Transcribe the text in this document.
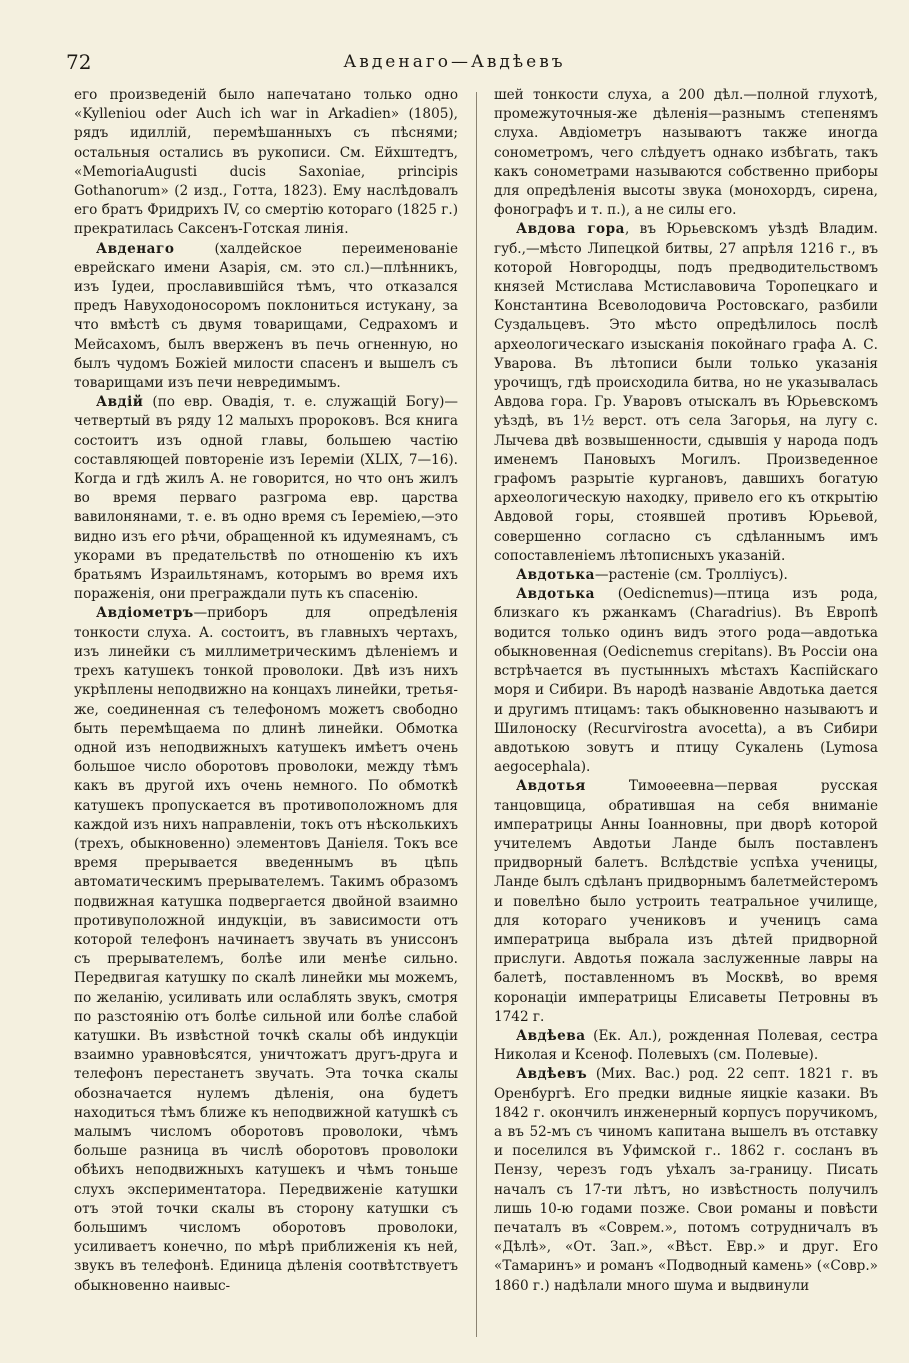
72	Авденаго—Авдѣевъ

его произведеній было напечатано только одно «Kylleniou oder Auch ich war in Arkadien» (1805), рядъ идиллій, перемѣшанныхъ съ пѣснями; остальныя остались въ рукописи. См. Eйхштедтъ, «MemoriaAugusti ducis Saxoniae, principis Gothanorum» (2 изд., Готта, 1823). Ему наслѣдовалъ его братъ Фридрихъ IV, со смертію котораго (1825 г.) прекратилась Саксенъ-Готская линія.

Авденаго (халдейское переименованіе еврейскаго имени Азарія, см. это сл.)—плѣнникъ, изъ Іудеи, прославившійся тѣмъ, что отказался предъ Навуходоносоромъ поклониться истукану, за что вмѣстѣ съ двумя товарищами, Седрахомъ и Мейсахомъ, былъ вверженъ въ печь огненную, но былъ чудомъ Божіей милости спасенъ и вышелъ съ товарищами изъ печи невредимымъ.

Авдій (по евр. Овадія, т. е. служащій Богу)—четвертый въ ряду 12 малыхъ пророковъ. Вся книга состоитъ изъ одной главы, большею частію составляющей повтореніе изъ Іереміи (XLIX, 7—16). Когда и гдѣ жилъ А. не говорится, но что онъ жилъ во время перваго разгрома евр. царства вавилонянами, т. е. въ одно время съ Іереміею,—это видно изъ его рѣчи, обращенной къ идумеянамъ, съ укорами въ предательствѣ по отношенію къ ихъ братьямъ Израильтянамъ, которымъ во время ихъ пораженія, они преграждали путь къ спасенію.

Авдіометръ—приборъ для опредѣленія тонкости слуха. А. состоитъ, въ главныхъ чертахъ, изъ линейки съ миллиметрическимъ дѣленіемъ и трехъ катушекъ тонкой проволоки. Двѣ изъ нихъ укрѣплены неподвижно на концахъ линейки, третья-же, соединенная съ телефономъ можетъ свободно быть перемѣщаема по длинѣ линейки. Обмотка одной изъ неподвижныхъ катушекъ имѣетъ очень большое число оборотовъ проволоки, между тѣмъ какъ въ другой ихъ очень немного. По обмоткѣ катушекъ пропускается въ противоположномъ для каждой изъ нихъ направленіи, токъ отъ нѣсколькихъ (трехъ, обыкновенно) элементовъ Даніеля. Токъ все время прерывается введеннымъ въ цѣпь автоматическимъ прерывателемъ. Такимъ образомъ подвижная катушка подвергается двойной взаимно противуположной индукціи, въ зависимости отъ которой телефонъ начинаетъ звучать въ униссонъ съ прерывателемъ, болѣе или менѣе сильно. Передвигая катушку по скалѣ линейки мы можемъ, по желанію, усиливать или ослаблять звукъ, смотря по разстоянію отъ болѣе сильной или болѣе слабой катушки. Въ извѣстной точкѣ скалы обѣ индукціи взаимно уравновѣсятся, уничтожатъ другъ-друга и телефонъ перестанетъ звучать. Эта точка скалы обозначается нулемъ дѣленія, она будетъ находиться тѣмъ ближе къ неподвижной катушкѣ съ малымъ числомъ оборотовъ проволоки, чѣмъ больше разница въ числѣ оборотовъ проволоки обѣихъ неподвижныхъ катушекъ и чѣмъ тоньше слухъ экспериментатора. Передвиженіе катушки отъ этой точки скалы въ сторону катушки съ большимъ числомъ оборотовъ проволоки, усиливаетъ конечно, по мѣрѣ приближенія къ ней, звукъ въ телефонѣ. Единица дѣленія соотвѣтствуетъ обыкновенно наивыс-

шей тонкости слуха, а 200 дѣл.—полной глухотѣ, промежуточныя-же дѣленія—разнымъ степенямъ слуха. Авдіометръ называютъ также иногда сонометромъ, чего слѣдуетъ однако избѣгать, такъ какъ сонометрами называются собственно приборы для опредѣленія высоты звука (монохордъ, сирена, фонографъ и т. п.), а не силы его.

Авдова гора, въ Юрьевскомъ уѣздѣ Владим. губ.,—мѣсто Липецкой битвы, 27 апрѣля 1216 г., въ которой Новгородцы, подъ предводительствомъ князей Мстислава Мстиславовича Торопецкаго и Константина Всеволодовича Ростовскаго, разбили Суздальцевъ. Это мѣсто опредѣлилось послѣ археологическаго изысканія покойнаго графа А. С. Уварова. Въ лѣтописи были только указанія урочищъ, гдѣ происходила битва, но не указывалась Авдова гора. Гр. Уваровъ отыскалъ въ Юрьевскомъ уѣздѣ, въ 1½ верст. отъ села Загорья, на лугу с. Лычева двѣ возвышенности, сдывшія у народа подъ именемъ Пановыхъ Могилъ. Произведенное графомъ разрытіе кургановъ, давшихъ богатую археологическую находку, привело его къ открытію Авдовой горы, стоявшей противъ Юрьевой, совершенно согласно съ сдѣланнымъ имъ сопоставленіемъ лѣтописныхъ указаній.

Авдотька—растеніе (см. Тролліусъ).

Авдотька (Oedicnemus)—птица изъ рода, близкаго къ ржанкамъ (Charadrius). Въ Европѣ водится только одинъ видъ этого рода—авдотька обыкновенная (Oedicnemus crepitans). Въ Россіи она встрѣчается въ пустынныхъ мѣстахъ Каспійскаго моря и Сибири. Въ народѣ названіе Авдотька дается и другимъ птицамъ: такъ обыкновенно называютъ и Шилоноску (Recurvirostra avocetta), а въ Сибири авдотькою зовутъ и птицу Сукалень (Lymosa aegocephala).

Авдотья Тимоѳеевна—первая русская танцовщица, обратившая на себя вниманіе императрицы Анны Іоанновны, при дворѣ которой учителемъ Авдотьи Ланде былъ поставленъ придворный балетъ. Вслѣдствіе успѣха ученицы, Ланде былъ сдѣланъ придворнымъ балетмейстеромъ и повелѣно было устроить театральное училище, для котораго учениковъ и ученицъ сама императрица выбрала изъ дѣтей придворной прислуги. Авдотья пожала заслуженные лавры на балетѣ, поставленномъ въ Москвѣ, во время коронаціи императрицы Елисаветы Петровны въ 1742 г.

Авдѣева (Ек. Ал.), рожденная Полевая, сестра Николая и Ксеноф. Полевыхъ (см. Полевые).

Авдѣевъ (Мих. Вас.) род. 22 септ. 1821 г. въ Оренбургѣ. Его предки видные яицкіе казаки. Въ 1842 г. окончилъ инженерный корпусъ поручикомъ, а въ 52-мъ съ чиномъ капитана вышелъ въ отставку и поселился въ Уфимской г.. 1862 г. сосланъ въ Пензу, черезъ годъ уѣхалъ за-границу. Писать началъ съ 17-ти лѣтъ, но извѣстность получилъ лишь 10-ю годами позже. Свои романы и повѣсти печаталъ въ «Соврем.», потомъ сотрудничалъ въ «Дѣлѣ», «От. Зап.», «Вѣст. Евр.» и друг. Его «Тамаринъ» и романъ «Подводный камень» («Совр.» 1860 г.) надѣлали много шума и выдвинули
